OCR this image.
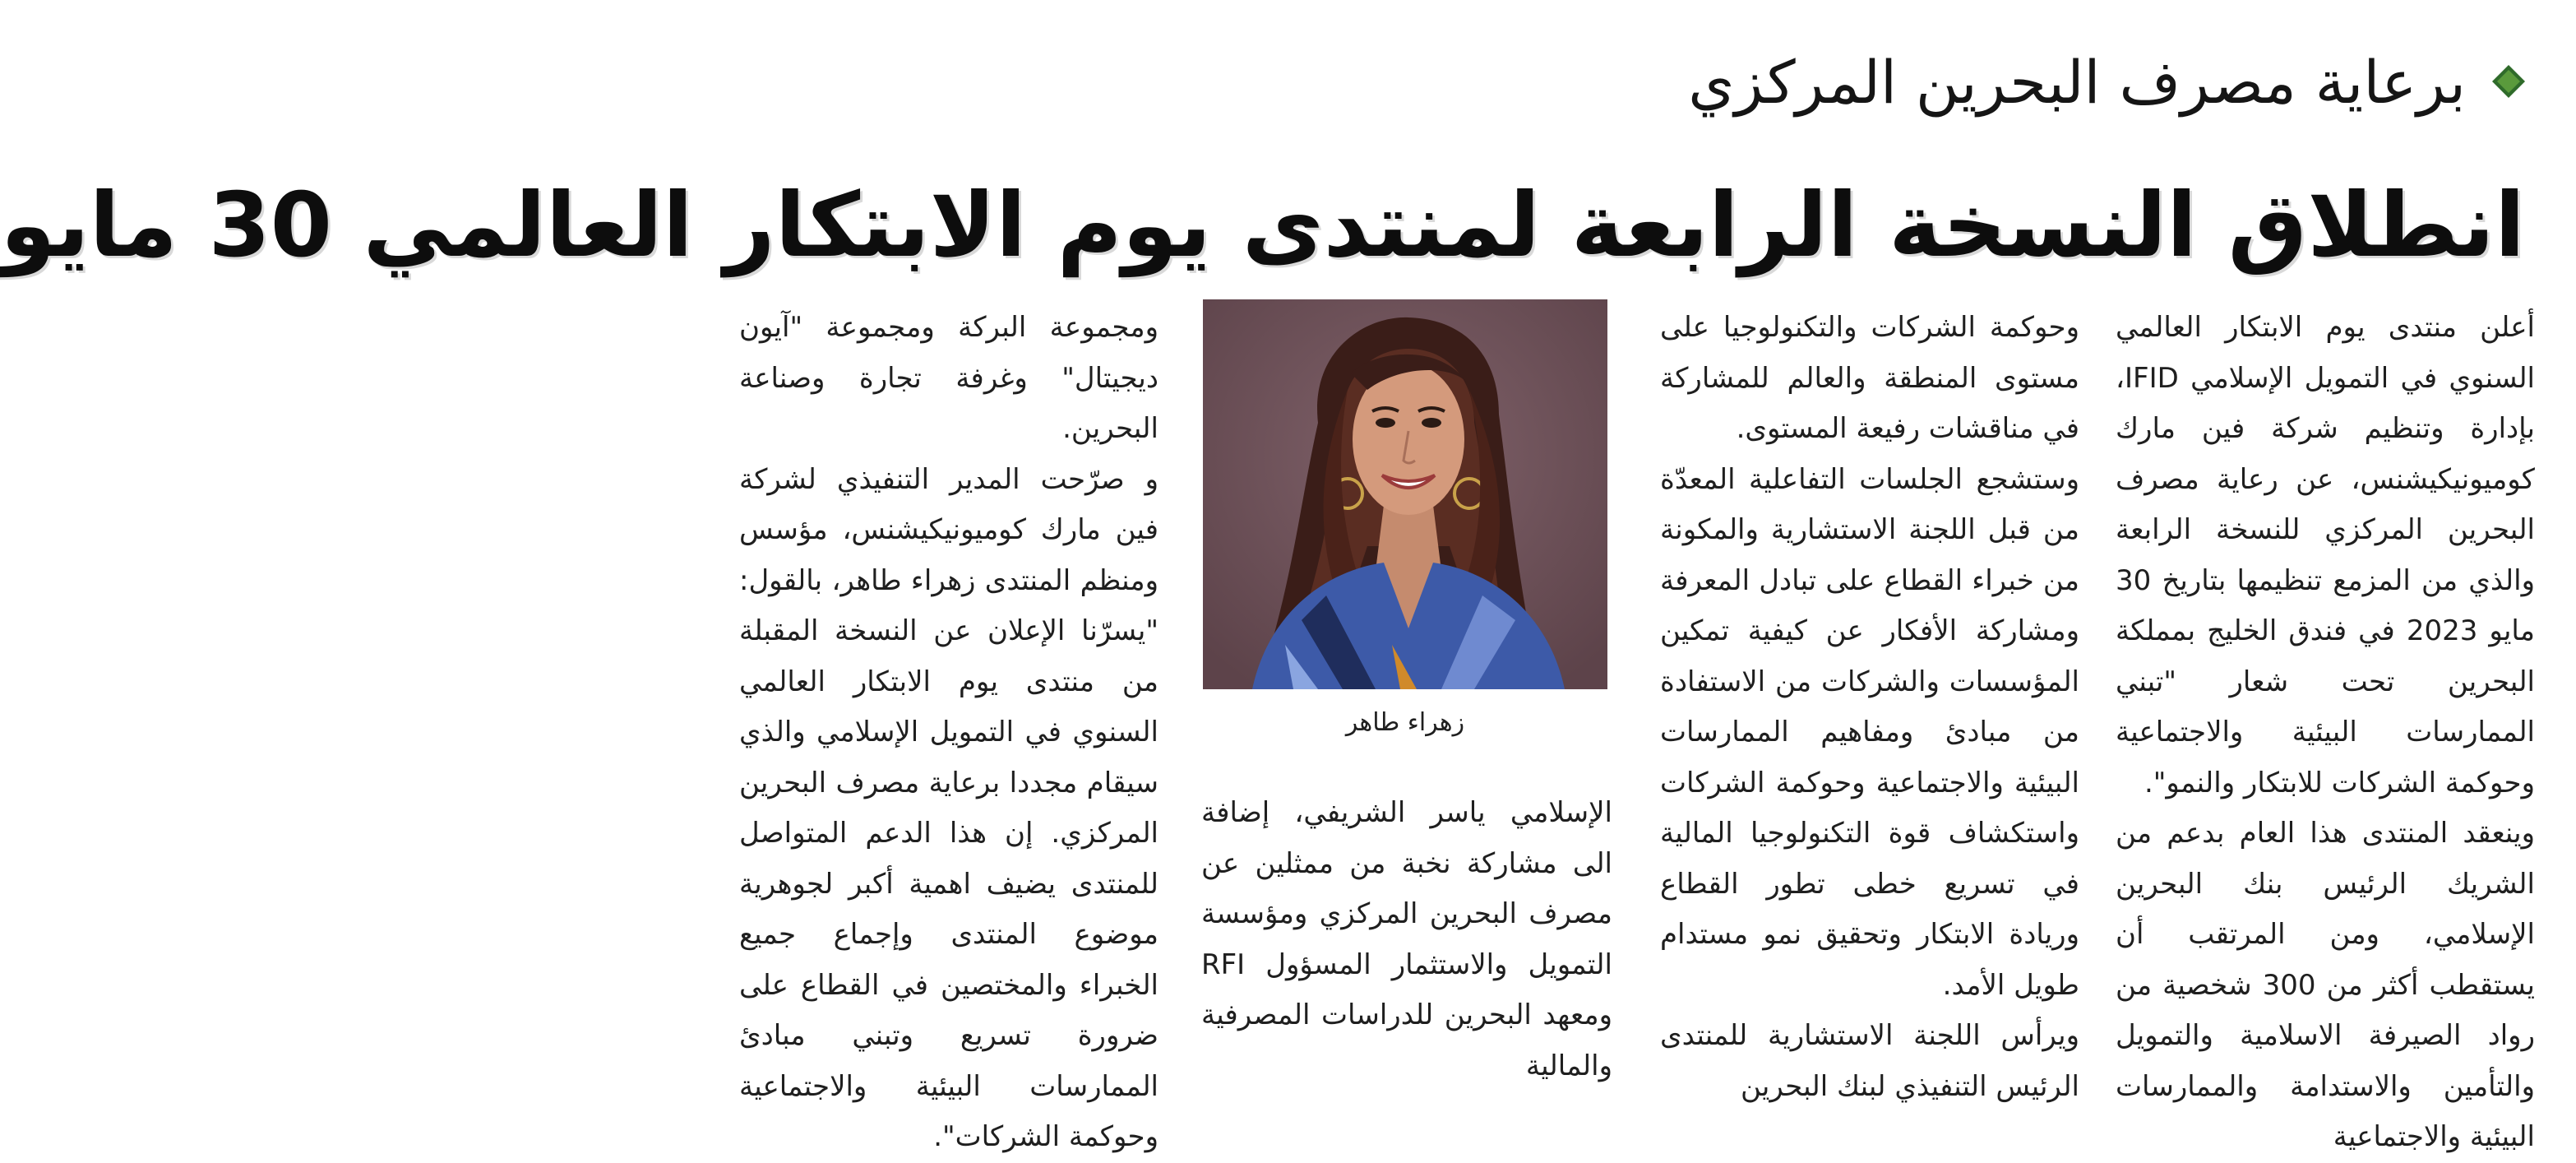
برعاية مصرف البحرين المركزي
انطلاق النسخة الرابعة لمنتدى يوم الابتكار العالمي 30 مايو

أعلن منتدى يوم الابتكار العالمي السنوي في التمويل الإسلامي IFID، بإدارة وتنظيم شركة فين مارك كوميونيكيشنس، عن رعاية مصرف البحرين المركزي للنسخة الرابعة والذي من المزمع تنظيمها بتاريخ 30 مايو 2023 في فندق الخليج بمملكة البحرين تحت شعار "تبني الممارسات البيئية والاجتماعية وحوكمة الشركات للابتكار والنمو".

وينعقد المنتدى هذا العام بدعم من الشريك الرئيس بنك البحرين الإسلامي، ومن المرتقب أن يستقطب أكثر من 300 شخصية من رواد الصيرفة الاسلامية والتمويل والتأمين والاستدامة والممارسات البيئية والاجتماعية

وحوكمة الشركات والتكنولوجيا على مستوى المنطقة والعالم للمشاركة في مناقشات رفيعة المستوى.

وستشجع الجلسات التفاعلية المعدّة من قبل اللجنة الاستشارية والمكونة من خبراء القطاع على تبادل المعرفة ومشاركة الأفكار عن كيفية تمكين المؤسسات والشركات من الاستفادة من مبادئ ومفاهيم الممارسات البيئية والاجتماعية وحوكمة الشركات واستكشاف قوة التكنولوجيا المالية في تسريع خطى تطور القطاع وريادة الابتكار وتحقيق نمو مستدام طويل الأمد.

ويرأس اللجنة الاستشارية للمنتدى الرئيس التنفيذي لبنك البحرين

زهراء طاهر

الإسلامي ياسر الشريفي، إضافة الى مشاركة نخبة من ممثلين عن مصرف البحرين المركزي ومؤسسة التمويل والاستثمار المسؤول RFI ومعهد البحرين للدراسات المصرفية والمالية

ومجموعة البركة ومجموعة "آيون ديجيتال" وغرفة تجارة وصناعة البحرين.

و صرّحت المدير التنفيذي لشركة فين مارك كوميونيكيشنس، مؤسس ومنظم المنتدى زهراء طاهر، بالقول: "يسرّنا الإعلان عن النسخة المقبلة من منتدى يوم الابتكار العالمي السنوي في التمويل الإسلامي والذي سيقام مجددا برعاية مصرف البحرين المركزي. إن هذا الدعم المتواصل للمنتدى يضيف اهمية أكبر لجوهرية موضوع المنتدى وإجماع جميع الخبراء والمختصين في القطاع على ضرورة تسريع وتبني مبادئ الممارسات البيئية والاجتماعية وحوكمة الشركات".
